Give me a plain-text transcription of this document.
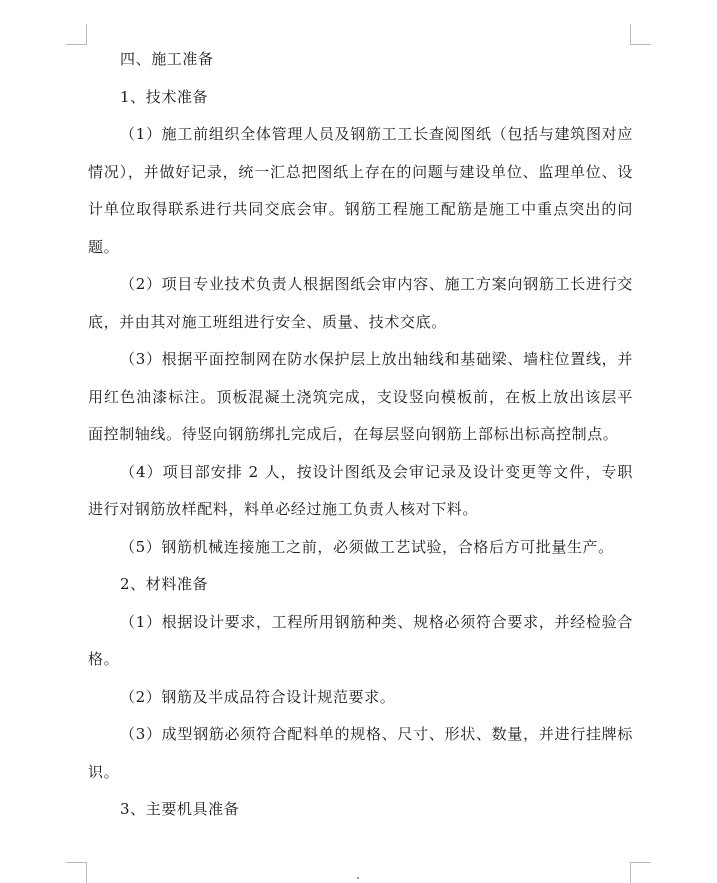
四、施工准备

1、技术准备

（1）施工前组织全体管理人员及钢筋工工长查阅图纸（包括与建筑图对应情况），并做好记录，统一汇总把图纸上存在的问题与建设单位、监理单位、设计单位取得联系进行共同交底会审。钢筋工程施工配筋是施工中重点突出的问题。

（2）项目专业技术负责人根据图纸会审内容、施工方案向钢筋工长进行交底，并由其对施工班组进行安全、质量、技术交底。

（3）根据平面控制网在防水保护层上放出轴线和基础梁、墙柱位置线，并用红色油漆标注。顶板混凝土浇筑完成，支设竖向模板前，在板上放出该层平面控制轴线。待竖向钢筋绑扎完成后，在每层竖向钢筋上部标出标高控制点。

（4）项目部安排 2 人，按设计图纸及会审记录及设计变更等文件，专职进行对钢筋放样配料，料单必经过施工负责人核对下料。

（5）钢筋机械连接施工之前，必须做工艺试验，合格后方可批量生产。

2、材料准备

（1）根据设计要求，工程所用钢筋种类、规格必须符合要求，并经检验合格。

（2）钢筋及半成品符合设计规范要求。

（3）成型钢筋必须符合配料单的规格、尺寸、形状、数量，并进行挂牌标识。

3、主要机具准备
